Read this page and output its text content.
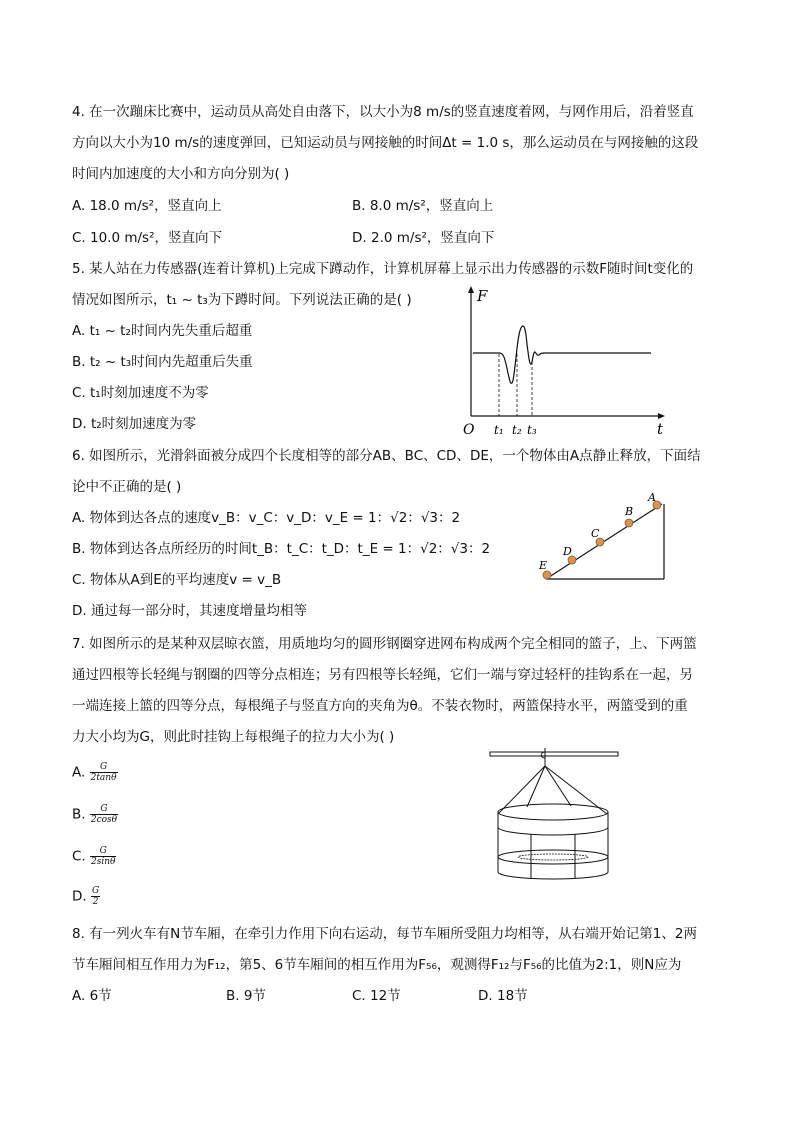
4. 在一次蹦床比赛中，运动员从高处自由落下，以大小为8 m/s的竖直速度着网，与网作用后，沿着竖直
方向以大小为10 m/s的速度弹回，已知运动员与网接触的时间Δt = 1.0 s，那么运动员在与网接触的这段
时间内加速度的大小和方向分别为( )
A. 18.0 m/s²，竖直向上	B. 8.0 m/s²，竖直向上
C. 10.0 m/s²，竖直向下	D. 2.0 m/s²，竖直向下
5. 某人站在力传感器(连着计算机)上完成下蹲动作，计算机屏幕上显示出力传感器的示数F随时间t变化的
情况如图所示，t₁ ~ t₃为下蹲时间。下列说法正确的是( )
A. t₁ ~ t₂时间内先失重后超重
B. t₂ ~ t₃时间内先超重后失重
C. t₁时刻加速度不为零
D. t₂时刻加速度为零
F
t
O t₁ t₂ t₃
6. 如图所示，光滑斜面被分成四个长度相等的部分AB、BC、CD、DE，一个物体由A点静止释放，下面结
论中不正确的是( )
A. 物体到达各点的速度v_B：v_C：v_D：v_E = 1：√2：√3：2
B. 物体到达各点所经历的时间t_B：t_C：t_D：t_E = 1：√2：√3：2
C. 物体从A到E的平均速度v = v_B
D. 通过每一部分时，其速度增量均相等
A
B
C
D
E
7. 如图所示的是某种双层晾衣篮，用质地均匀的圆形钢圈穿进网布构成两个完全相同的篮子，上、下两篮
通过四根等长轻绳与钢圈的四等分点相连；另有四根等长轻绳，它们一端与穿过轻杆的挂钩系在一起，另
一端连接上篮的四等分点，每根绳子与竖直方向的夹角为θ。不装衣物时，两篮保持水平，两篮受到的重
力大小均为G，则此时挂钩上每根绳子的拉力大小为( )
A. $\frac{G}{2\tan\theta}$
B. $\frac{G}{2\cos\theta}$
C. $\frac{G}{2\sin\theta}$
D. $\frac{G}{2}$
8. 有一列火车有N节车厢，在牵引力作用下向右运动，每节车厢所受阻力均相等，从右端开始记第1、2两
节车厢间相互作用力为F₁₂，第5、6节车厢间的相互作用为F₅₆，观测得F₁₂与F₅₆的比值为2:1，则N应为
A. 6节	B. 9节	C. 12节	D. 18节
